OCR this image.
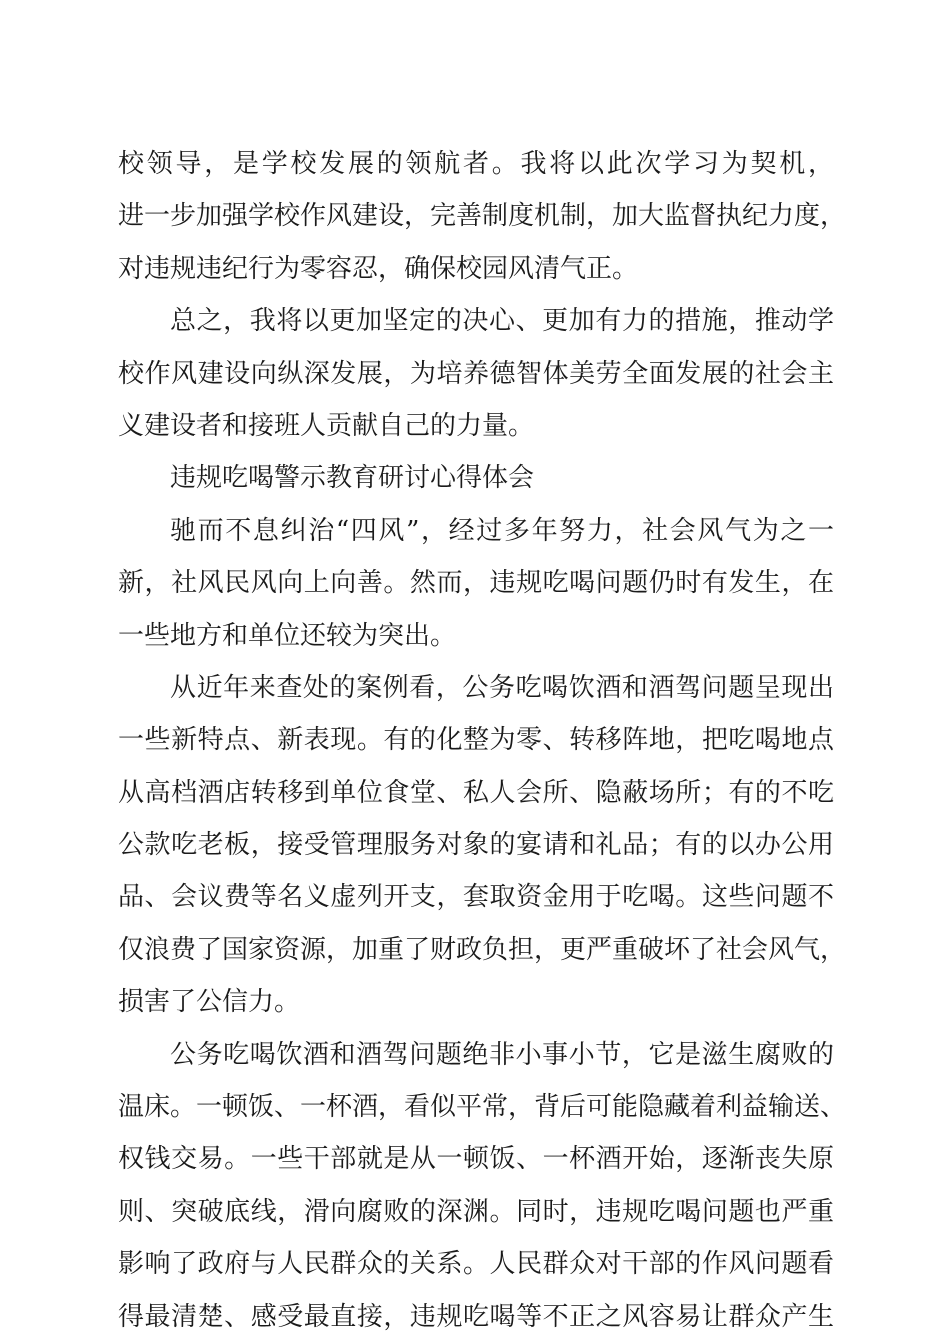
校领导，是学校发展的领航者。我将以此次学习为契机，
进一步加强学校作风建设，完善制度机制，加大监督执纪力度，
对违规违纪行为零容忍，确保校园风清气正。
总之，我将以更加坚定的决心、更加有力的措施，推动学
校作风建设向纵深发展，为培养德智体美劳全面发展的社会主
义建设者和接班人贡献自己的力量。
违规吃喝警示教育研讨心得体会
驰而不息纠治“四风”，经过多年努力，社会风气为之一
新，社风民风向上向善。然而，违规吃喝问题仍时有发生，在
一些地方和单位还较为突出。
从近年来查处的案例看，公务吃喝饮酒和酒驾问题呈现出
一些新特点、新表现。有的化整为零、转移阵地，把吃喝地点
从高档酒店转移到单位食堂、私人会所、隐蔽场所；有的不吃
公款吃老板，接受管理服务对象的宴请和礼品；有的以办公用
品、会议费等名义虚列开支，套取资金用于吃喝。这些问题不
仅浪费了国家资源，加重了财政负担，更严重破坏了社会风气，
损害了公信力。
公务吃喝饮酒和酒驾问题绝非小事小节，它是滋生腐败的
温床。一顿饭、一杯酒，看似平常，背后可能隐藏着利益输送、
权钱交易。一些干部就是从一顿饭、一杯酒开始，逐渐丧失原
则、突破底线，滑向腐败的深渊。同时，违规吃喝问题也严重
影响了政府与人民群众的关系。人民群众对干部的作风问题看
得最清楚、感受最直接，违规吃喝等不正之风容易让群众产生
